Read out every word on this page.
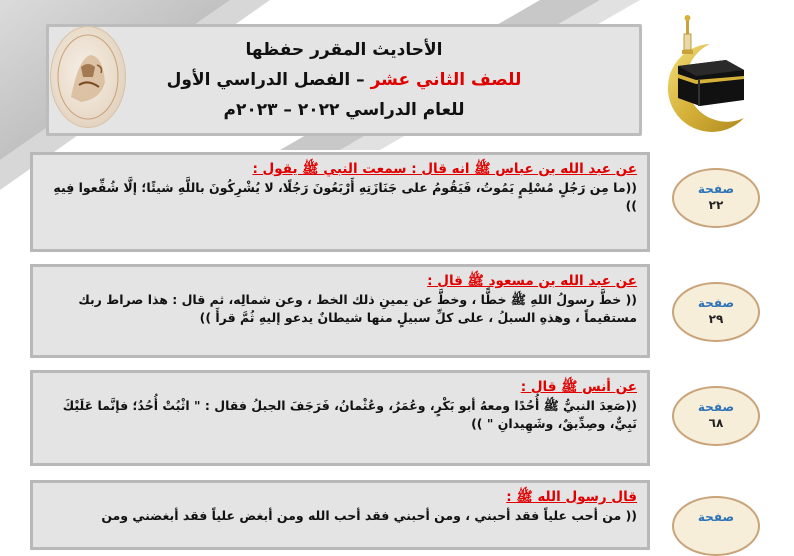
الأحاديث المقرر حفظها
للصف الثاني عشر – الفصل الدراسي الأول
للعام الدراسي ٢٠٢٢ – ٢٠٢٣م
عن عبد الله بن عباس ﷺ انه قال : سمعت النبي ﷺ يقول :
((ما مِن رَجُلٍ مُسْلِمٍ يَمُوتُ، فَيَقُومُ على جَنَازَتِهِ أَرْبَعُونَ رَجُلًا، لا يُشْرِكُونَ باللَّهِ شيئًا؛ إلَّا شُفِّعوا فِيهِ ))
صفحة
٢٢
عن عبد الله بن مسعود ﷺ قال :
(( خطَّ رسولُ اللهِ ﷺ خطًّا ، وخطَّ عن يمينِ ذلك الخط ، وعن شمالِه، ثم قال : هذا صراط ربك مستقيماً ، وهذهِ السبلُ ، على كلِّ سبيلٍ منها شيطانٌ يدعو إليهِ ثُمَّ قرأَ ))
صفحة
٢٩
عن أنس ﷺ قال :
((صَعِدَ النبيُّ ﷺ أُحُدًا ومعهُ أبو بَكْرٍ، وعُمَرُ، وعُثْمانُ، فَرَجَفَ الجبلُ فقال : " اثْبُتْ أُحُدُ؛ فإنَّما عَلَيْكَ نَبِيٌّ، وصِدِّيقٌ، وشَهِيدانِ " ))
صفحة
٦٨
قال رسول الله ﷺ :
(( من أحب علياً فقد أحبني ، ومن أحبني فقد أحب الله ومن أبغض علياً فقد أبغضني ومن	صفحة
